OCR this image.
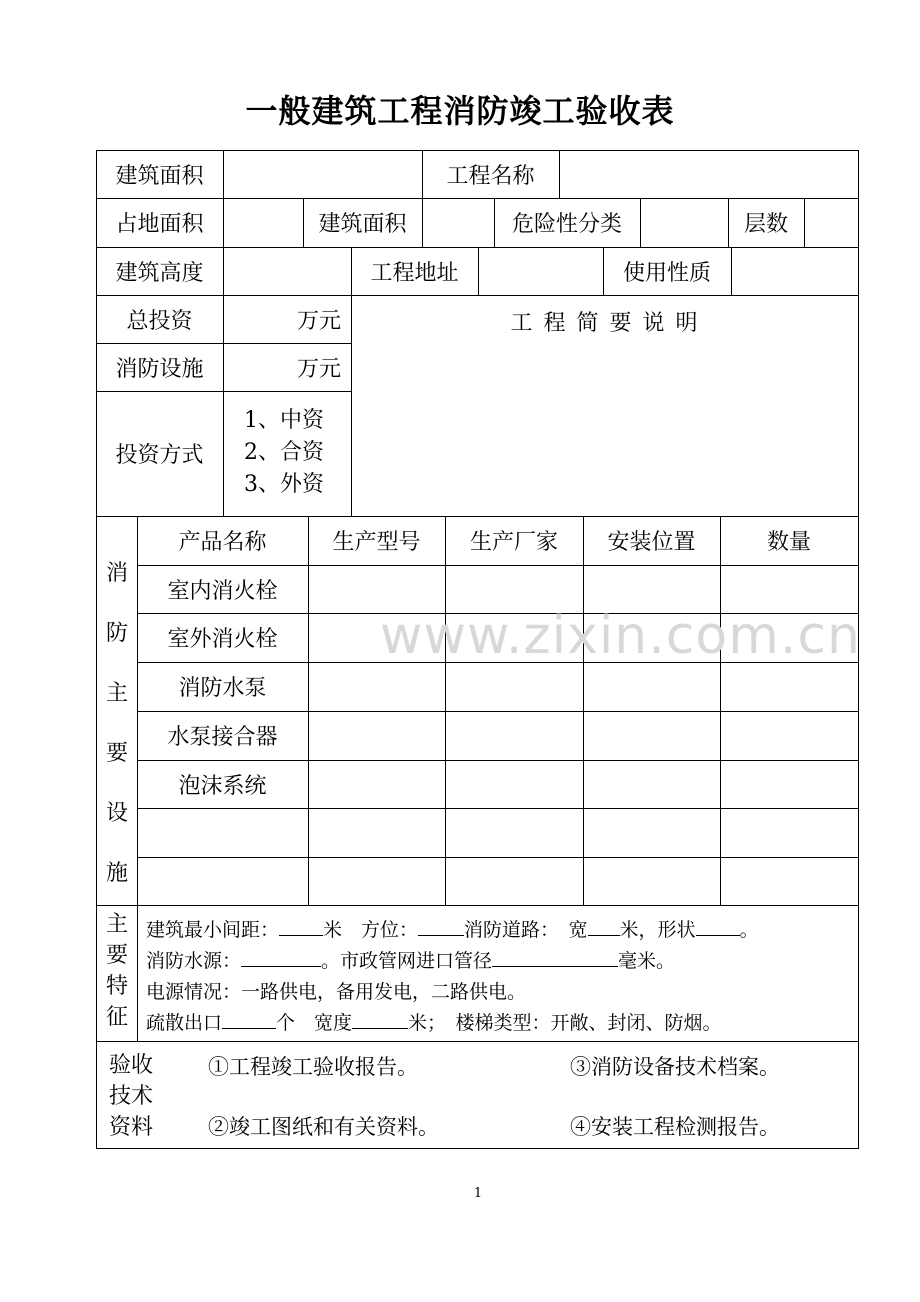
一般建筑工程消防竣工验收表
建筑面积	工程名称
占地面积	建筑面积	危险性分类	层数
建筑高度	工程地址	使用性质
总投资	万元
消防设施	万元
投资方式
1、中资
2、合资
3、外资
工 程 简 要 说 明
消
防
主
要
设
施
产品名称	生产型号	生产厂家	安装位置	数量
室内消火栓
室外消火栓
消防水泵
水泵接合器
泡沫系统
www.zixin.com.cn
主
要
特
征
建筑最小间距： 米　方位： 消防道路：　宽 米，形状 。
消防水源：	。市政管网进口管径	毫米。
电源情况：一路供电，备用发电，二路供电。
疏散出口	个　宽度	米；　楼梯类型：开敞、封闭、防烟。
验收
技术
资料
①工程竣工验收报告。	③消防设备技术档案。
②竣工图纸和有关资料。	④安装工程检测报告。
1
